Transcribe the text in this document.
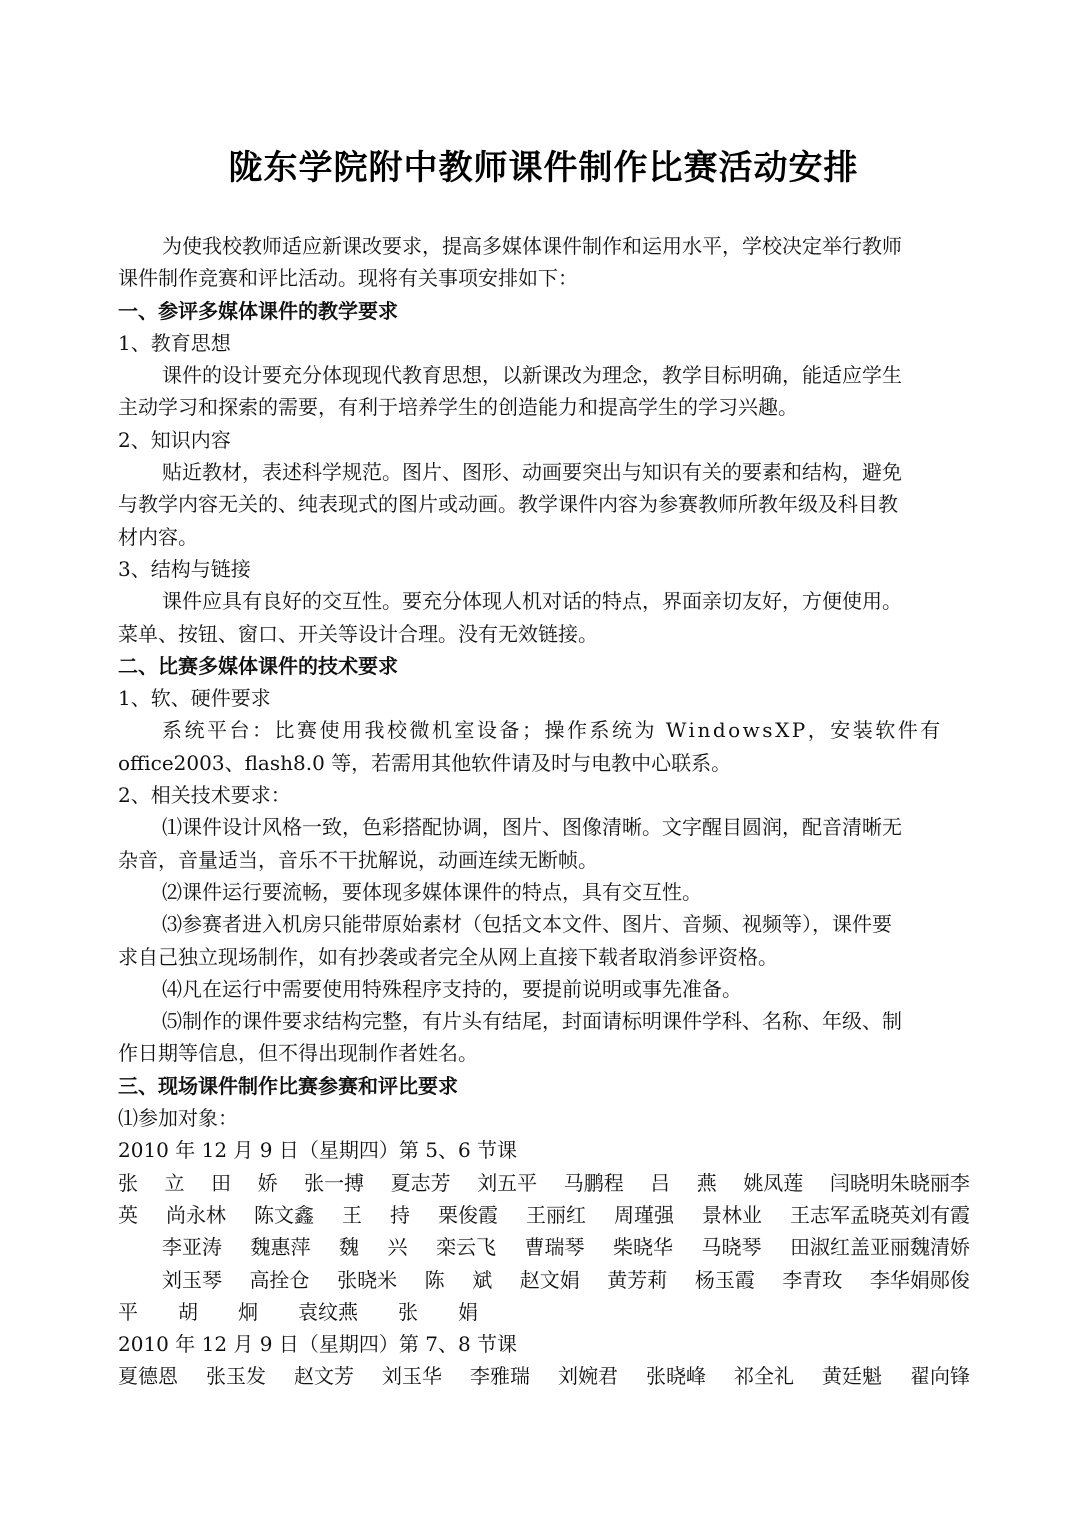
陇东学院附中教师课件制作比赛活动安排
为使我校教师适应新课改要求，提高多媒体课件制作和运用水平，学校决定举行教师
课件制作竞赛和评比活动。现将有关事项安排如下：
一、参评多媒体课件的教学要求
1、教育思想
课件的设计要充分体现现代教育思想，以新课改为理念，教学目标明确，能适应学生
主动学习和探索的需要，有利于培养学生的创造能力和提高学生的学习兴趣。
2、知识内容
贴近教材，表述科学规范。图片、图形、动画要突出与知识有关的要素和结构，避免
与教学内容无关的、纯表现式的图片或动画。教学课件内容为参赛教师所教年级及科目教
材内容。
3、结构与链接
课件应具有良好的交互性。要充分体现人机对话的特点，界面亲切友好，方便使用。
菜单、按钮、窗口、开关等设计合理。没有无效链接。
二、比赛多媒体课件的技术要求
1、软、硬件要求
系统平台：比赛使用我校微机室设备；操作系统为 WindowsXP，安装软件有
office2003、flash8.0 等，若需用其他软件请及时与电教中心联系。
2、相关技术要求：
⑴课件设计风格一致，色彩搭配协调，图片、图像清晰。文字醒目圆润，配音清晰无
杂音，音量适当，音乐不干扰解说，动画连续无断帧。
⑵课件运行要流畅，要体现多媒体课件的特点，具有交互性。
⑶参赛者进入机房只能带原始素材（包括文本文件、图片、音频、视频等），课件要
求自己独立现场制作，如有抄袭或者完全从网上直接下载者取消参评资格。
⑷凡在运行中需要使用特殊程序支持的，要提前说明或事先准备。
⑸制作的课件要求结构完整，有片头有结尾，封面请标明课件学科、名称、年级、制
作日期等信息，但不得出现制作者姓名。
三、现场课件制作比赛参赛和评比要求
⑴参加对象：
2010 年 12 月 9 日（星期四）第 5、6 节课
张 立 田 娇 张一搏 夏志芳 刘五平 马鹏程 吕 燕 姚凤莲 闫晓明朱晓丽李
英 尚永林 陈文鑫 王 持 栗俊霞 王丽红 周瑾强 景林业 王志军孟晓英刘有霞
李亚涛 魏惠萍 魏 兴 栾云飞 曹瑞琴 柴晓华 马晓琴 田淑红盖亚丽魏清娇
刘玉琴 高拴仓 张晓米 陈 斌 赵文娟 黄芳莉 杨玉霞 李青玫 李华娟郧俊
平 胡 炯 袁纹燕 张 娟
2010 年 12 月 9 日（星期四）第 7、8 节课
夏德恩 张玉发 赵文芳 刘玉华 李雅瑞 刘婉君 张晓峰 祁全礼 黄廷魁 翟向锋
